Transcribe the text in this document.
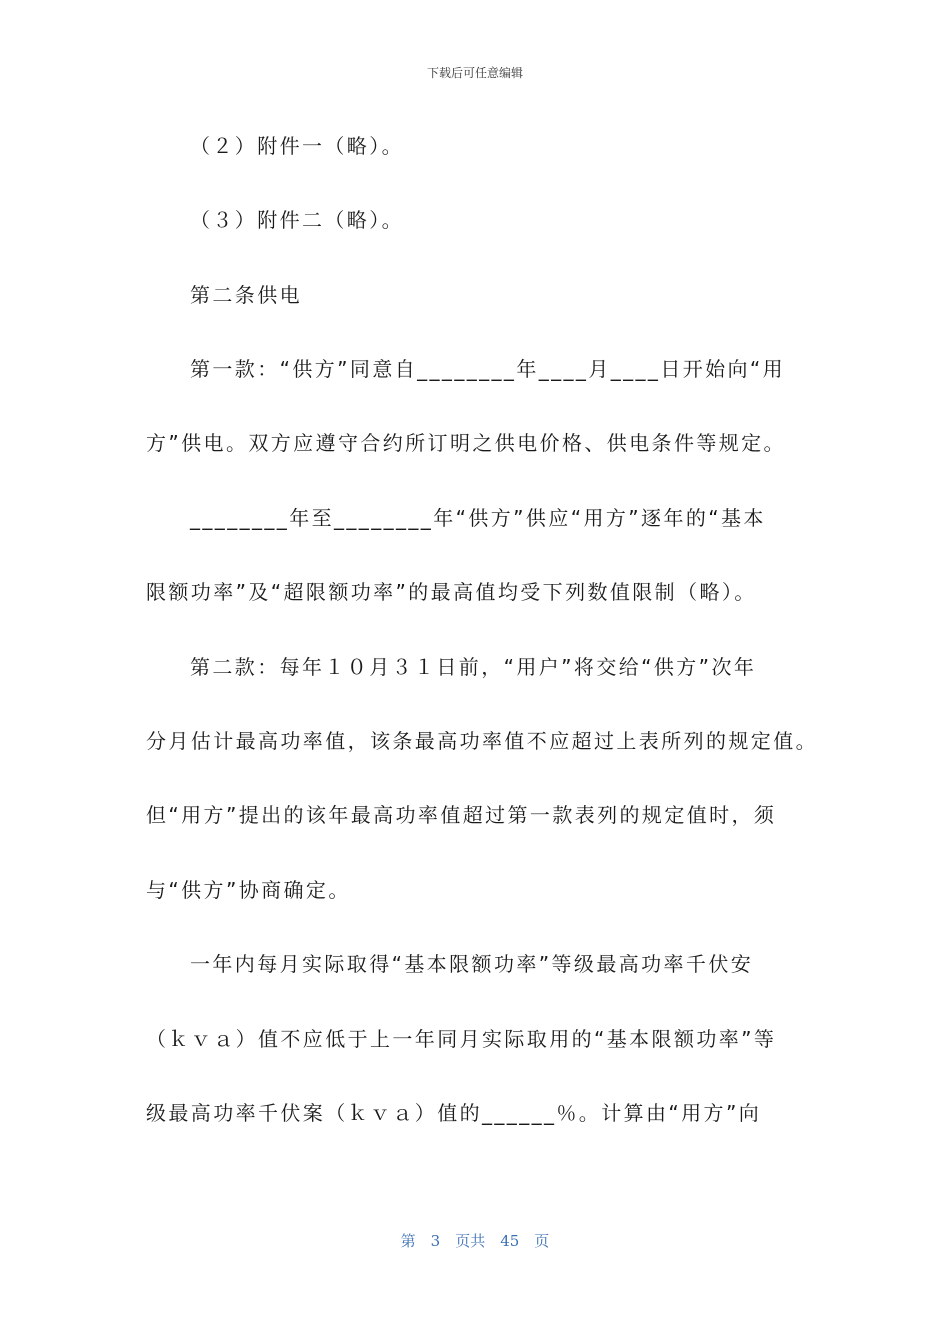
下载后可任意编辑
（２）附件一（略）。
（３）附件二（略）。
第二条供电
第一款：“供方”同意自________年____月____日开始向“用
方”供电。双方应遵守合约所订明之供电价格、供电条件等规定。
________年至________年“供方”供应“用方”逐年的“基本
限额功率”及“超限额功率”的最高值均受下列数值限制（略）。
第二款：每年１０月３１日前，“用户”将交给“供方”次年
分月估计最高功率值，该条最高功率值不应超过上表所列的规定值。
但“用方”提出的该年最高功率值超过第一款表列的规定值时，须
与“供方”协商确定。
一年内每月实际取得“基本限额功率”等级最高功率千伏安
（ｋｖａ）值不应低于上一年同月实际取用的“基本限额功率”等
级最高功率千伏案（ｋｖａ）值的______％。计算由“用方”向
第　3　页共　45　页
